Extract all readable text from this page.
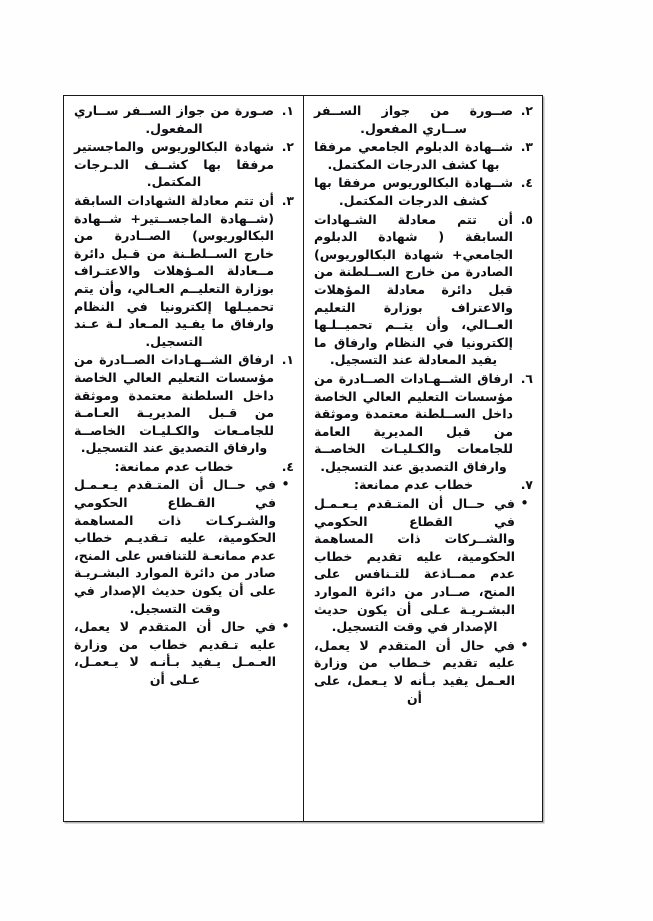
٢.
صــورة من جواز الســفر ســاري المفعول.
٣.
شــهادة الدبلوم الجامعي مرفقا بها كشف الدرجات المكتمل.
٤.
شــهادة البكالوريوس مرفقا بها كشف الدرجات المكتمل.
٥.
أن تتم معادلة الشـهادات السابقة ( شهادة الدبلوم الجامعي+ شهادة البكالوريوس) الصادرة من خارج الســلطنة من قبل دائرة معادلة المؤهلات والاعتراف بوزارة التعليم العــالي، وأن يتــم تحميــلـها إلكترونيا في النظام وارفاق ما يفيد المعادلة عند التسجيل.
٦.
ارفاق الشــهـادات الصــادرة من مؤسسات التعليم العالي الخاصة داخل الســلطنة معتمدة وموثقة من قبل المديرية العامة للجامعات والكـليـات الخاصــة وارفاق التصديق عند التسجيل.
٧.
خطاب عدم ممانعة:
•
في حــال أن المتـقدم يـعـمـل في القطاع الحكومي والشــركات ذات المساهمة الحكومية، عليه تقديم خطاب عدم ممــاذعة للتـنافس على المنح، صــادر من دائرة الموارد البشـريـة عـلى أن يكون حديث الإصدار في وقت التسجيل.
•
في حال أن المتقدم لا يعمل، عليه تقديم خـطاب من وزارة العـمل يفيد بـأنه لا يـعمل، على أن
١.
صـورة من جواز الســفر ســاري المفعول.
٢.
شهادة البكالوريوس والماجستير مرفقا بها كشــف الدـرجات المكتمل.
٣.
أن تتم معادلة الشهادات السابقة (شــهادة الماجســتير+ شــهادة البكالوريوس) الصــادرة من خارج الســلطـنة من قـبل دائرة مــعادلة المـؤهلات والاعتـراف بوزارة التعليــم العـالي، وأن يتم تحميـلها إلكترونيا في النظام وارفاق ما يفـيد المـعاد لـة عـند التسجيل.
١.
ارفاق الشــهـادات الصــادرة من مؤسسات التعليم العالي الخاصة داخل السلطنة معتمدة وموثقة من قـبل المديريـة العـامـة للجامـعات والكـليـات الخاصــة وارفاق التصديق عند التسجيل.
٤.
خطاب عدم ممانعة:
•
في حــال أن المتـقدم يـعـمـل في القـطاع الحكومي والشـركـات ذات المساهمة الحكومية، عليه تـقديـم خطاب عدم ممانعـة للتنافس على المنح، صادر من دائرة الموارد البشـريـة على أن يكون حديث الإصدار في وقت التسجيل.
•
في حال أن المتقدم لا يعمل، عليه تـقديم خطاب من وزارة العـمـل يـفيد بـأنـه لا يـعمـل، عـلى أن
